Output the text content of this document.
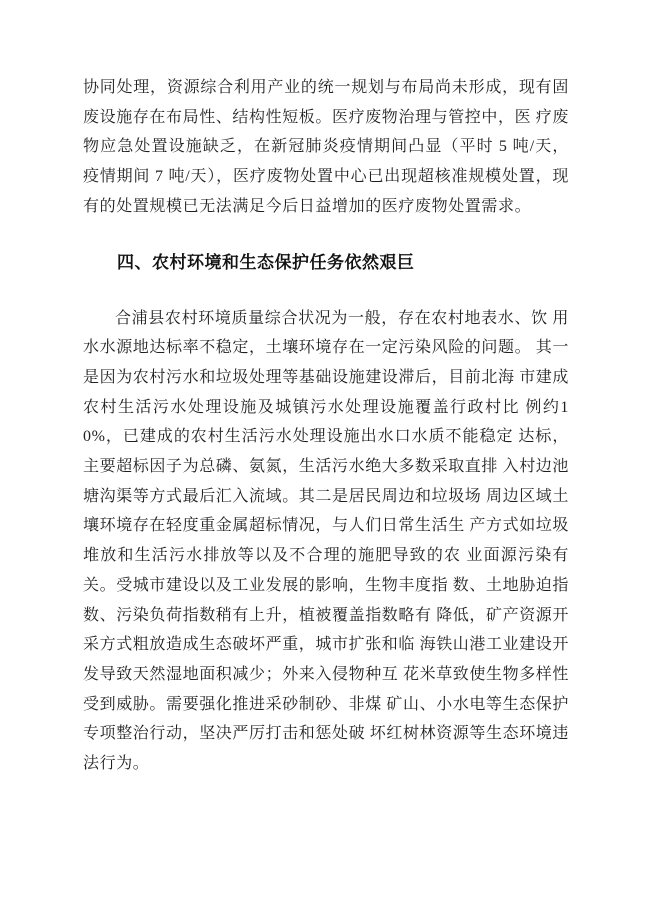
协同处理，资源综合利用产业的统一规划与布局尚未形成，现有固废设施存在布局性、结构性短板。医疗废物治理与管控中，医 疗废物应急处置设施缺乏，在新冠肺炎疫情期间凸显（平时 5 吨/天，疫情期间 7 吨/天），医疗废物处置中心已出现超核准规模处置，现有的处置规模已无法满足今后日益增加的医疗废物处置需求。

四、农村环境和生态保护任务依然艰巨

合浦县农村环境质量综合状况为一般，存在农村地表水、饮 用水水源地达标率不稳定，土壤环境存在一定污染风险的问题。 其一是因为农村污水和垃圾处理等基础设施建设滞后，目前北海 市建成农村生活污水处理设施及城镇污水处理设施覆盖行政村比 例约10%，已建成的农村生活污水处理设施出水口水质不能稳定 达标，主要超标因子为总磷、氨氮，生活污水绝大多数采取直排 入村边池塘沟渠等方式最后汇入流域。其二是居民周边和垃圾场 周边区域土壤环境存在轻度重金属超标情况，与人们日常生活生 产方式如垃圾堆放和生活污水排放等以及不合理的施肥导致的农 业面源污染有关。受城市建设以及工业发展的影响，生物丰度指 数、土地胁迫指数、污染负荷指数稍有上升，植被覆盖指数略有 降低，矿产资源开采方式粗放造成生态破坏严重，城市扩张和临 海铁山港工业建设开发导致天然湿地面积减少；外来入侵物种互 花米草致使生物多样性受到威胁。需要强化推进采砂制砂、非煤 矿山、小水电等生态保护专项整治行动，坚决严厉打击和惩处破 坏红树林资源等生态环境违法行为。
